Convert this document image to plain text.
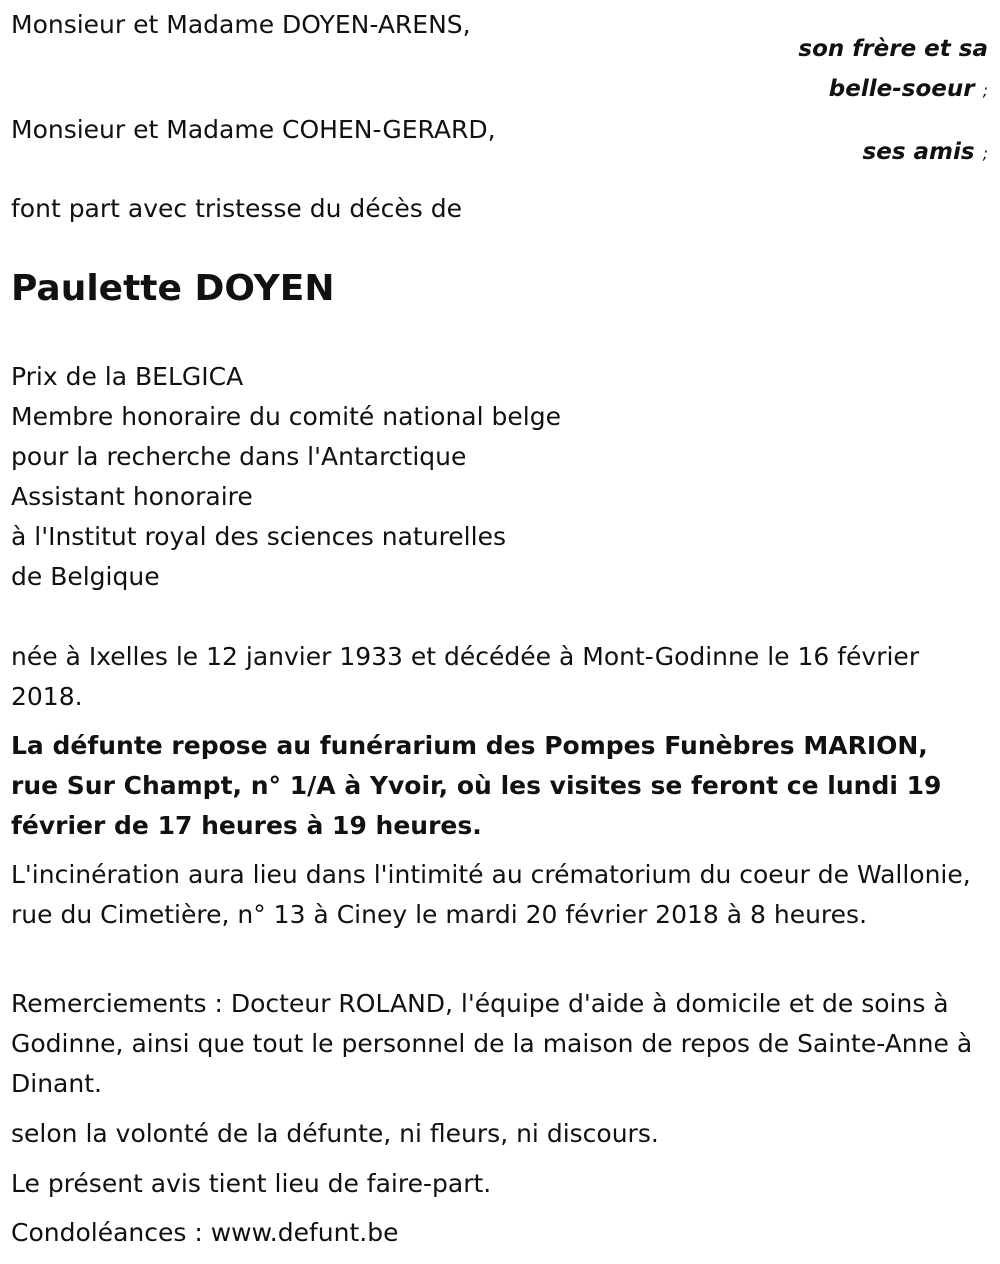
Monsieur et Madame DOYEN-ARENS,
son frère et sa
belle-soeur ;
Monsieur et Madame COHEN-GERARD,
ses amis ;
font part avec tristesse du décès de
Paulette DOYEN
Prix de la BELGICA
Membre honoraire du comité national belge
pour la recherche dans l'Antarctique
Assistant honoraire
à l'Institut royal des sciences naturelles
de Belgique
née à Ixelles le 12 janvier 1933 et décédée à Mont-Godinne le 16 février 2018.
La défunte repose au funérarium des Pompes Funèbres MARION, rue Sur Champt, n° 1/A à Yvoir, où les visites se feront ce lundi 19 février de 17 heures à 19 heures.
L'incinération aura lieu dans l'intimité au crématorium du coeur de Wallonie, rue du Cimetière, n° 13 à Ciney le mardi 20 février 2018 à 8 heures.
Remerciements : Docteur ROLAND, l'équipe d'aide à domicile et de soins à Godinne, ainsi que tout le personnel de la maison de repos de Sainte-Anne à Dinant.
selon la volonté de la défunte, ni fleurs, ni discours.
Le présent avis tient lieu de faire-part.
Condoléances : www.defunt.be
